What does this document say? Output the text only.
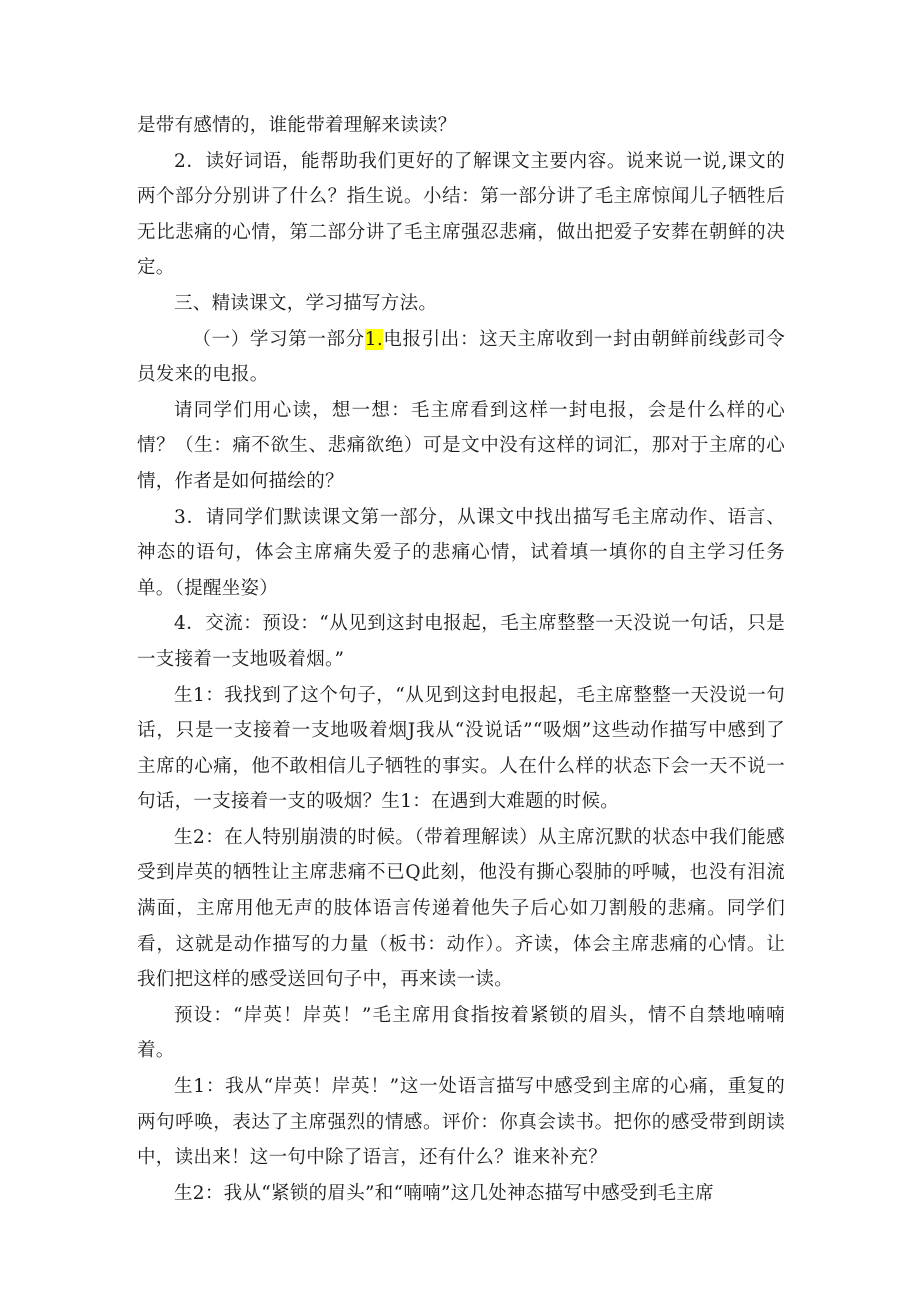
是带有感情的，谁能带着理解来读读？

2．读好词语，能帮助我们更好的了解课文主要内容。说来说一说,课文的两个部分分别讲了什么？指生说。小结：第一部分讲了毛主席惊闻儿子牺牲后无比悲痛的心情，第二部分讲了毛主席强忍悲痛，做出把爱子安葬在朝鲜的决定。

三、精读课文，学习描写方法。

（一）学习第一部分1.电报引出：这天主席收到一封由朝鲜前线彭司令员发来的电报。

请同学们用心读，想一想：毛主席看到这样一封电报，会是什么样的心情？（生：痛不欲生、悲痛欲绝）可是文中没有这样的词汇，那对于主席的心情，作者是如何描绘的？

3．请同学们默读课文第一部分，从课文中找出描写毛主席动作、语言、神态的语句，体会主席痛失爱子的悲痛心情，试着填一填你的自主学习任务单。（提醒坐姿）

4．交流：预设：“从见到这封电报起，毛主席整整一天没说一句话，只是一支接着一支地吸着烟。”

生1：我找到了这个句子，“从见到这封电报起，毛主席整整一天没说一句话，只是一支接着一支地吸着烟J我从“没说话”“吸烟”这些动作描写中感到了主席的心痛，他不敢相信儿子牺牲的事实。人在什么样的状态下会一天不说一句话，一支接着一支的吸烟？生1：在遇到大难题的时候。

生2：在人特别崩溃的时候。（带着理解读）从主席沉默的状态中我们能感受到岸英的牺牲让主席悲痛不已Q此刻，他没有撕心裂肺的呼喊，也没有泪流满面，主席用他无声的肢体语言传递着他失子后心如刀割般的悲痛。同学们看，这就是动作描写的力量（板书：动作）。齐读，体会主席悲痛的心情。让我们把这样的感受送回句子中，再来读一读。

预设：“岸英！岸英！”毛主席用食指按着紧锁的眉头，情不自禁地喃喃着。

生1：我从“岸英！岸英！”这一处语言描写中感受到主席的心痛，重复的两句呼唤，表达了主席强烈的情感。评价：你真会读书。把你的感受带到朗读中，读出来！这一句中除了语言，还有什么？谁来补充？

生2：我从“紧锁的眉头”和“喃喃”这几处神态描写中感受到毛主席
